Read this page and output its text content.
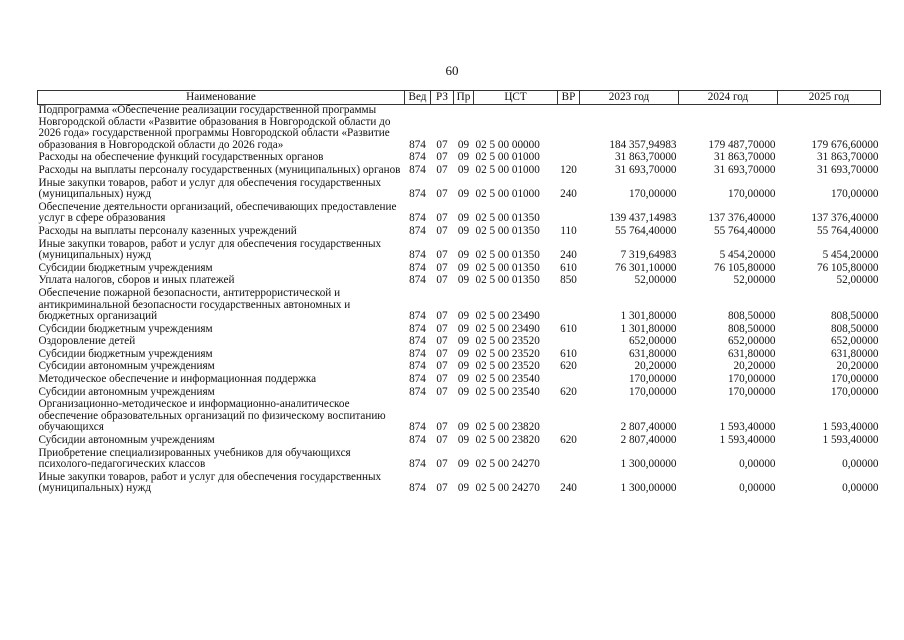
60
Наименование	Вед	РЗ	Пр	ЦСТ	ВР	2023 год	2024 год	2025 год
Подпрограмма «Обеспечение реализации государственной программы Новгородской области «Развитие образования в Новгородской области до 2026 года» государственной программы Новгородской области «Развитие образования в Новгородской области до 2026 года»	874	07	09	02 5 00 00000		184 357,94983	179 487,70000	179 676,60000
Расходы на обеспечение функций государственных органов	874	07	09	02 5 00 01000		31 863,70000	31 863,70000	31 863,70000
Расходы на выплаты персоналу государственных (муниципальных) органов	874	07	09	02 5 00 01000	120	31 693,70000	31 693,70000	31 693,70000
Иные закупки товаров, работ и услуг для обеспечения государственных (муниципальных) нужд	874	07	09	02 5 00 01000	240	170,00000	170,00000	170,00000
Обеспечение деятельности организаций, обеспечивающих предоставление услуг в сфере образования	874	07	09	02 5 00 01350		139 437,14983	137 376,40000	137 376,40000
Расходы на выплаты персоналу казенных учреждений	874	07	09	02 5 00 01350	110	55 764,40000	55 764,40000	55 764,40000
Иные закупки товаров, работ и услуг для обеспечения государственных (муниципальных) нужд	874	07	09	02 5 00 01350	240	7 319,64983	5 454,20000	5 454,20000
Субсидии бюджетным учреждениям	874	07	09	02 5 00 01350	610	76 301,10000	76 105,80000	76 105,80000
Уплата налогов, сборов и иных платежей	874	07	09	02 5 00 01350	850	52,00000	52,00000	52,00000
Обеспечение пожарной безопасности, антитеррористической и антикриминальной безопасности государственных автономных и бюджетных организаций	874	07	09	02 5 00 23490		1 301,80000	808,50000	808,50000
Субсидии бюджетным учреждениям	874	07	09	02 5 00 23490	610	1 301,80000	808,50000	808,50000
Оздоровление детей	874	07	09	02 5 00 23520		652,00000	652,00000	652,00000
Субсидии бюджетным учреждениям	874	07	09	02 5 00 23520	610	631,80000	631,80000	631,80000
Субсидии автономным учреждениям	874	07	09	02 5 00 23520	620	20,20000	20,20000	20,20000
Методическое обеспечение и информационная поддержка	874	07	09	02 5 00 23540		170,00000	170,00000	170,00000
Субсидии автономным учреждениям	874	07	09	02 5 00 23540	620	170,00000	170,00000	170,00000
Организационно-методическое и информационно-аналитическое обеспечение образовательных организаций по физическому воспитанию обучающихся	874	07	09	02 5 00 23820		2 807,40000	1 593,40000	1 593,40000
Субсидии автономным учреждениям	874	07	09	02 5 00 23820	620	2 807,40000	1 593,40000	1 593,40000
Приобретение специализированных учебников для обучающихся психолого-педагогических классов	874	07	09	02 5 00 24270		1 300,00000	0,00000	0,00000
Иные закупки товаров, работ и услуг для обеспечения государственных (муниципальных) нужд	874	07	09	02 5 00 24270	240	1 300,00000	0,00000	0,00000
